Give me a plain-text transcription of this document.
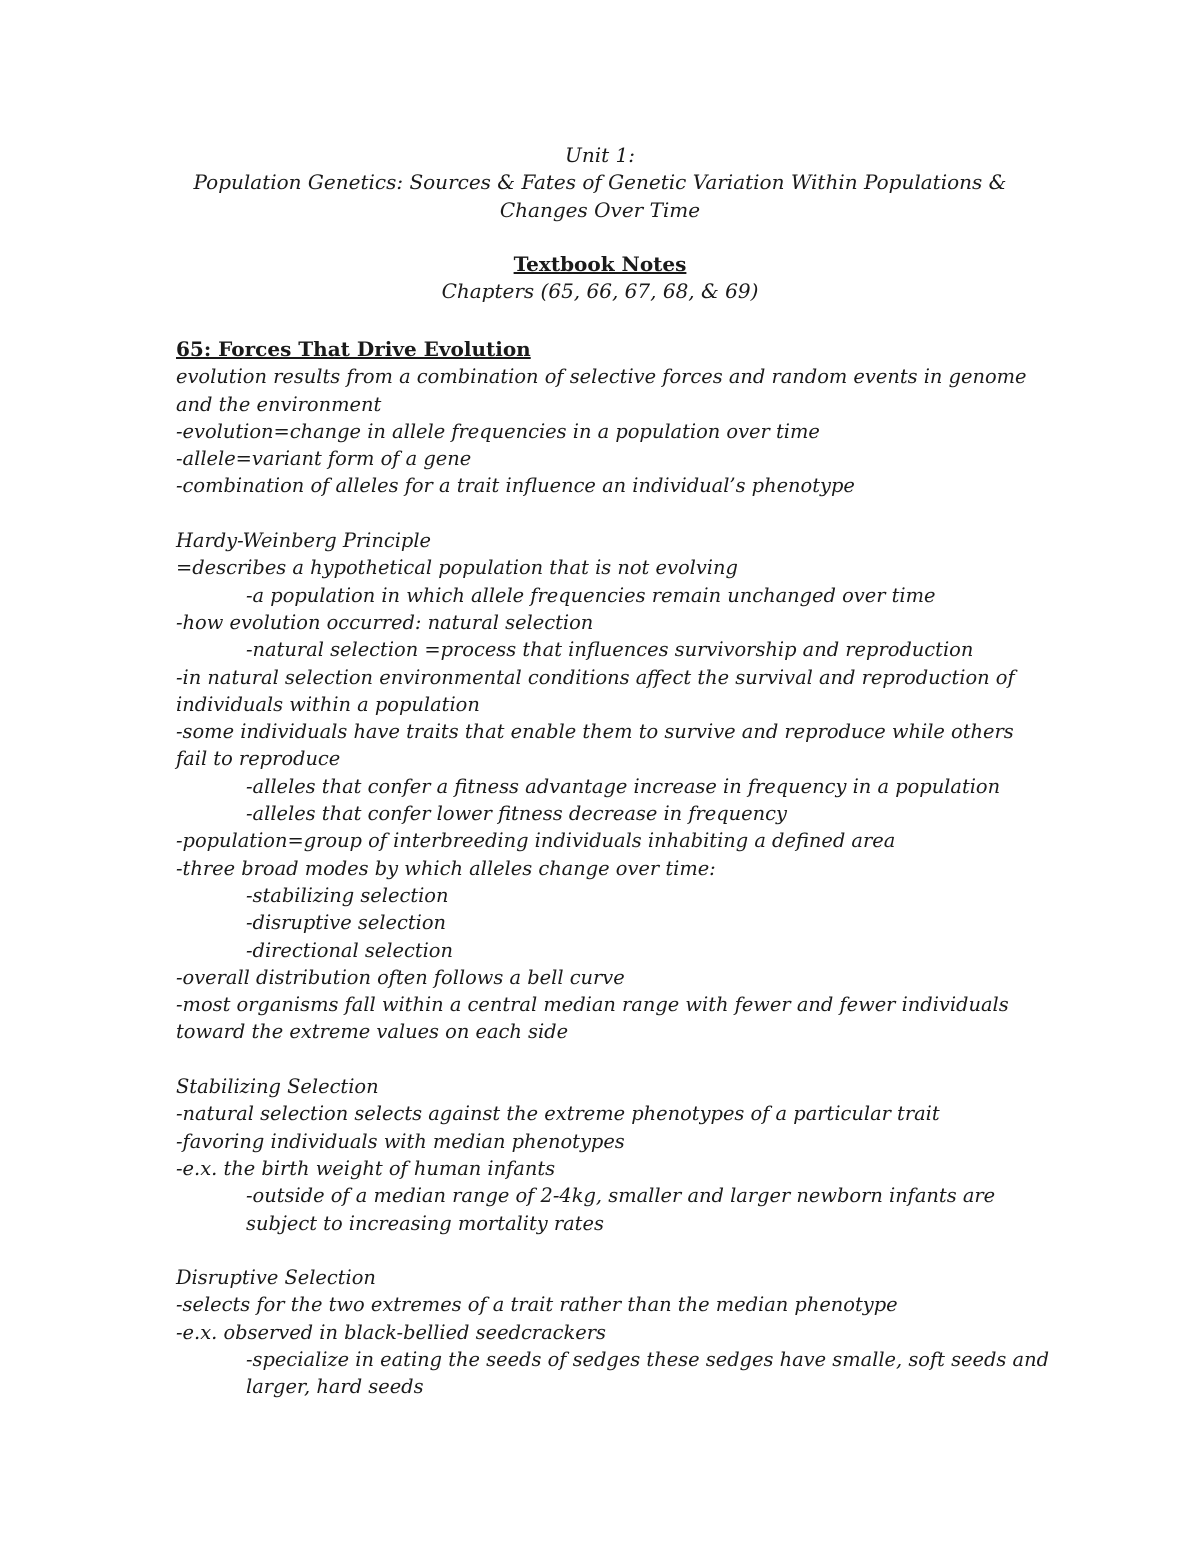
Unit 1:
Population Genetics: Sources & Fates of Genetic Variation Within Populations &
Changes Over Time
Textbook Notes
Chapters (65, 66, 67, 68, & 69)
65: Forces That Drive Evolution
evolution results from a combination of selective forces and random events in genome
and the environment
-evolution=change in allele frequencies in a population over time
-allele=variant form of a gene
-combination of alleles for a trait influence an individual’s phenotype
Hardy-Weinberg Principle
=describes a hypothetical population that is not evolving
-a population in which allele frequencies remain unchanged over time
-how evolution occurred: natural selection
-natural selection =process that influences survivorship and reproduction
-in natural selection environmental conditions affect the survival and reproduction of
individuals within a population
-some individuals have traits that enable them to survive and reproduce while others
fail to reproduce
-alleles that confer a fitness advantage increase in frequency in a population
-alleles that confer lower fitness decrease in frequency
-population=group of interbreeding individuals inhabiting a defined area
-three broad modes by which alleles change over time:
-stabilizing selection
-disruptive selection
-directional selection
-overall distribution often follows a bell curve
-most organisms fall within a central median range with fewer and fewer individuals
toward the extreme values on each side
Stabilizing Selection
-natural selection selects against the extreme phenotypes of a particular trait
-favoring individuals with median phenotypes
-e.x. the birth weight of human infants
-outside of a median range of 2-4kg, smaller and larger newborn infants are
subject to increasing mortality rates
Disruptive Selection
-selects for the two extremes of a trait rather than the median phenotype
-e.x. observed in black-bellied seedcrackers
-specialize in eating the seeds of sedges these sedges have smalle, soft seeds and
larger, hard seeds
